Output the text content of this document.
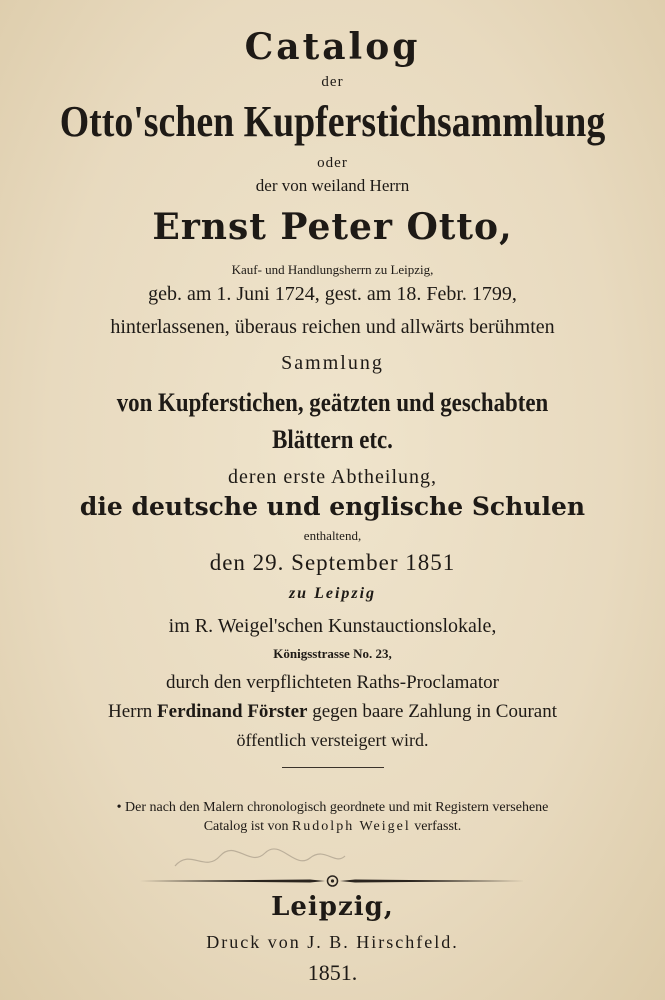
Catalog
der
Otto'schen Kupferstichsammlung
oder
der von weiland Herrn
Ernst Peter Otto,
Kauf- und Handlungsherrn zu Leipzig,
geb. am 1. Juni 1724, gest. am 18. Febr. 1799,
hinterlassenen, überaus reichen und allwärts berühmten
Sammlung
von Kupferstichen, geätzten und geschabten
Blättern etc.
deren erste Abtheilung,
die deutsche und englische Schulen
enthaltend,
den 29. September 1851
zu Leipzig
im R. Weigel'schen Kunstauctionslokale,
Königsstrasse No. 23,
durch den verpflichteten Raths-Proclamator
Herrn Ferdinand Förster gegen baare Zahlung in Courant
öffentlich versteigert wird.
• Der nach den Malern chronologisch geordnete und mit Registern versehene
Catalog ist von Rudolph Weigel verfasst.
Leipzig,
Druck von J. B. Hirschfeld.
1851.
